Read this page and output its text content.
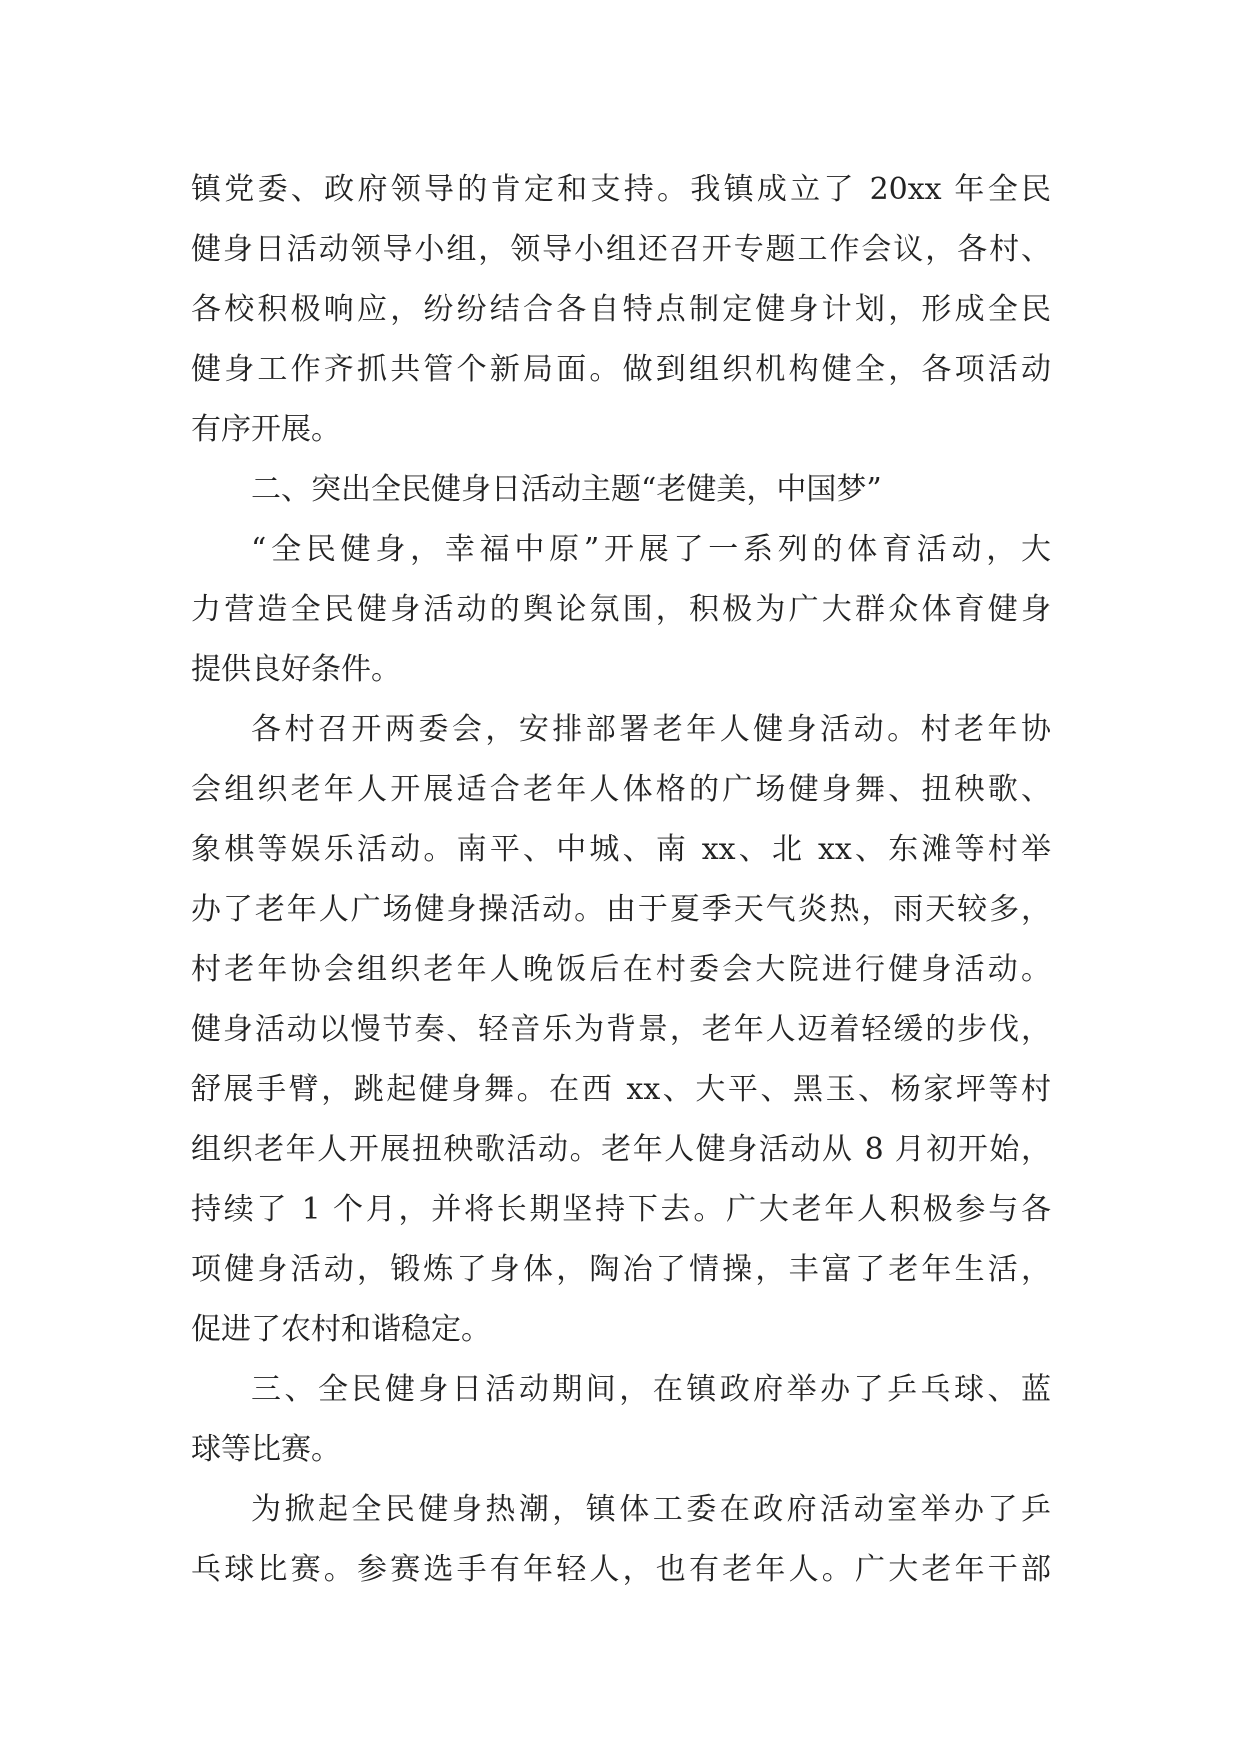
镇党委、政府领导的肯定和支持。我镇成立了 20xx 年全民
健身日活动领导小组，领导小组还召开专题工作会议，各村、
各校积极响应，纷纷结合各自特点制定健身计划，形成全民
健身工作齐抓共管个新局面。做到组织机构健全，各项活动
有序开展。
二、突出全民健身日活动主题“老健美，中国梦”
“全民健身，幸福中原”开展了一系列的体育活动，大
力营造全民健身活动的舆论氛围，积极为广大群众体育健身
提供良好条件。
各村召开两委会，安排部署老年人健身活动。村老年协
会组织老年人开展适合老年人体格的广场健身舞、扭秧歌、
象棋等娱乐活动。南平、中城、南 xx、北 xx、东滩等村举
办了老年人广场健身操活动。由于夏季天气炎热，雨天较多，
村老年协会组织老年人晚饭后在村委会大院进行健身活动。
健身活动以慢节奏、轻音乐为背景，老年人迈着轻缓的步伐，
舒展手臂，跳起健身舞。在西 xx、大平、黑玉、杨家坪等村
组织老年人开展扭秧歌活动。老年人健身活动从 8 月初开始，
持续了 1 个月，并将长期坚持下去。广大老年人积极参与各
项健身活动，锻炼了身体，陶冶了情操，丰富了老年生活，
促进了农村和谐稳定。
三、全民健身日活动期间，在镇政府举办了乒乓球、蓝
球等比赛。
为掀起全民健身热潮，镇体工委在政府活动室举办了乒
乓球比赛。参赛选手有年轻人，也有老年人。广大老年干部
